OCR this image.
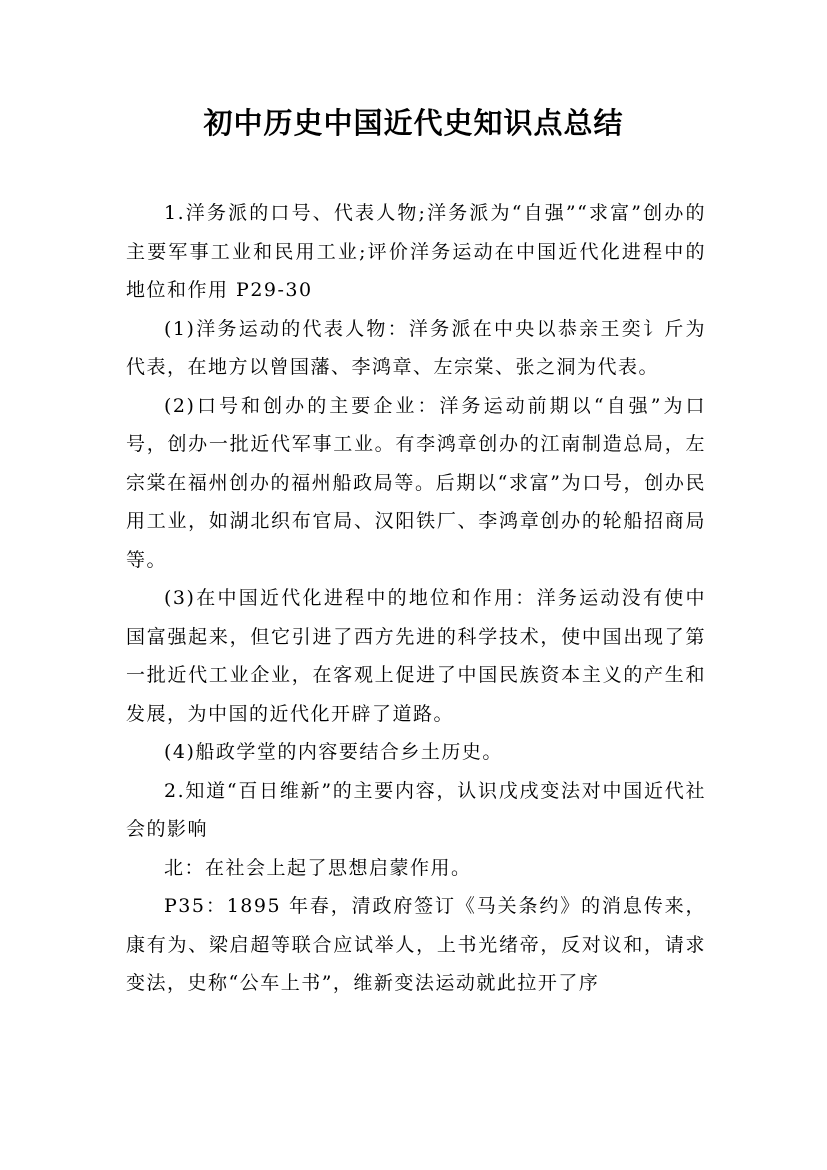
初中历史中国近代史知识点总结

1.洋务派的口号、代表人物;洋务派为“自强”“求富”创办的主要军事工业和民用工业;评价洋务运动在中国近代化进程中的地位和作用 P29-30

(1)洋务运动的代表人物：洋务派在中央以恭亲王奕讠斤为代表，在地方以曾国藩、李鸿章、左宗棠、张之洞为代表。

(2)口号和创办的主要企业：洋务运动前期以“自强”为口号，创办一批近代军事工业。有李鸿章创办的江南制造总局，左宗棠在福州创办的福州船政局等。后期以“求富”为口号，创办民用工业，如湖北织布官局、汉阳铁厂、李鸿章创办的轮船招商局等。

(3)在中国近代化进程中的地位和作用：洋务运动没有使中国富强起来，但它引进了西方先进的科学技术，使中国出现了第一批近代工业企业，在客观上促进了中国民族资本主义的产生和发展，为中国的近代化开辟了道路。

(4)船政学堂的内容要结合乡土历史。

2.知道“百日维新”的主要内容，认识戊戌变法对中国近代社会的影响

北：在社会上起了思想启蒙作用。

P35：1895 年春，清政府签订《马关条约》的消息传来，康有为、梁启超等联合应试举人，上书光绪帝，反对议和，请求变法，史称“公车上书”，维新变法运动就此拉开了序
